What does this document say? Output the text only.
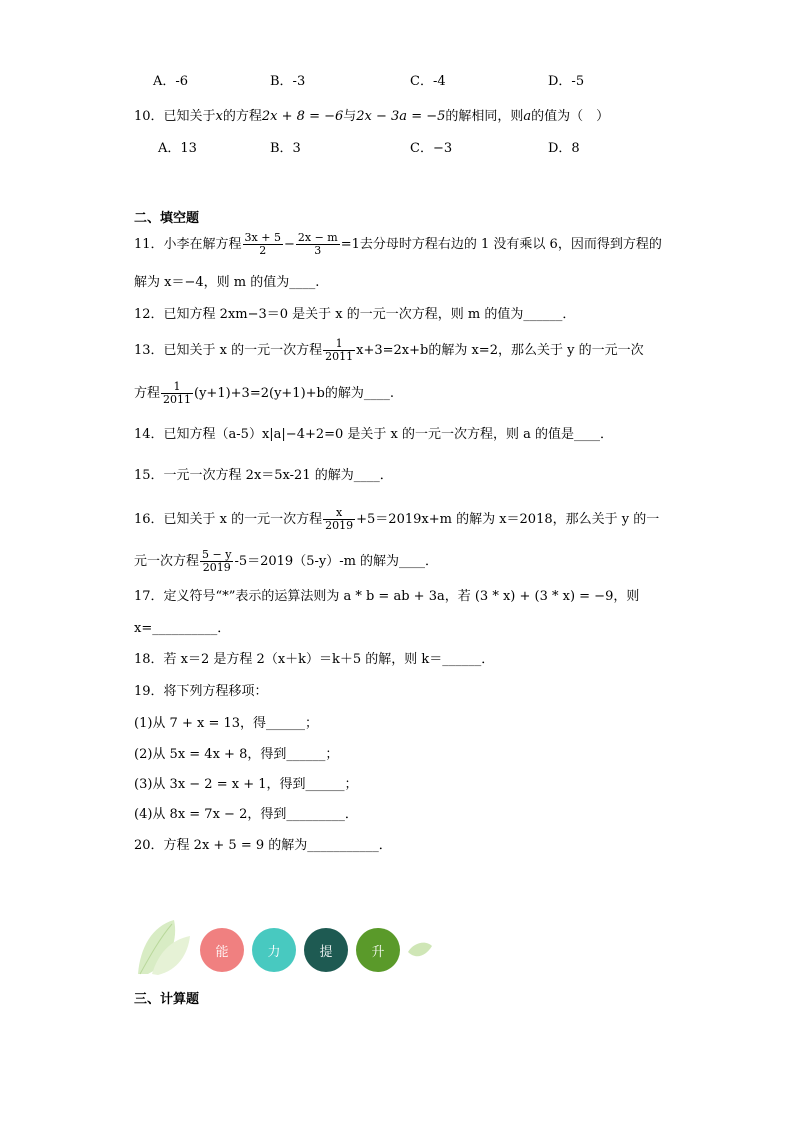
A．-6	B．-3	C．-4	D．-5
10．已知关于x的方程2x + 8 = −6与2x − 3a = −5的解相同，则a的值为（　）
A．13	B．3	C．−3	D．8
二、填空题
11．小李在解方程 $\frac{3x + 5}{2} - \frac{2x - m}{3} =1$去分母时方程右边的 1 没有乘以 6，因而得到方程的
解为 x＝−4，则 m 的值为____.
12．已知方程 2xm−3＝0 是关于 x 的一元一次方程，则 m 的值为______．
13．已知关于 x 的一元一次方程 $\frac{1}{2011} x+3=2x+b$的解为 x=2，那么关于 y 的一元一次
方程 $\frac{1}{2011} (y+1)+3=2(y+1)+b$的解为____.
14．已知方程（a-5）x|a|−4+2=0 是关于 x 的一元一次方程，则 a 的值是____．
15．一元一次方程 2x＝5x-21 的解为____．
16．已知关于 x 的一元一次方程 $\frac{x}{2019} +5=2019x+m$ 的解为 x＝2018，那么关于 y 的一
元一次方程 $\frac{5 - y}{2019} -5=2019(5-y)-m$ 的解为____．
17．定义符号“*”表示的运算法则为 a * b = ab + 3a，若 (3 * x) + (3 * x) = −9，则
x=__________．
18．若 x＝2 是方程 2（x＋k）＝k＋5 的解，则 k＝______．
19．将下列方程移项：
(1)从 7 + x = 13，得______；
(2)从 5x = 4x + 8，得到______；
(3)从 3x − 2 = x + 1，得到______；
(4)从 8x = 7x − 2，得到_________．
20．方程 2x + 5 = 9 的解为___________．
能	力	提	升
三、计算题
